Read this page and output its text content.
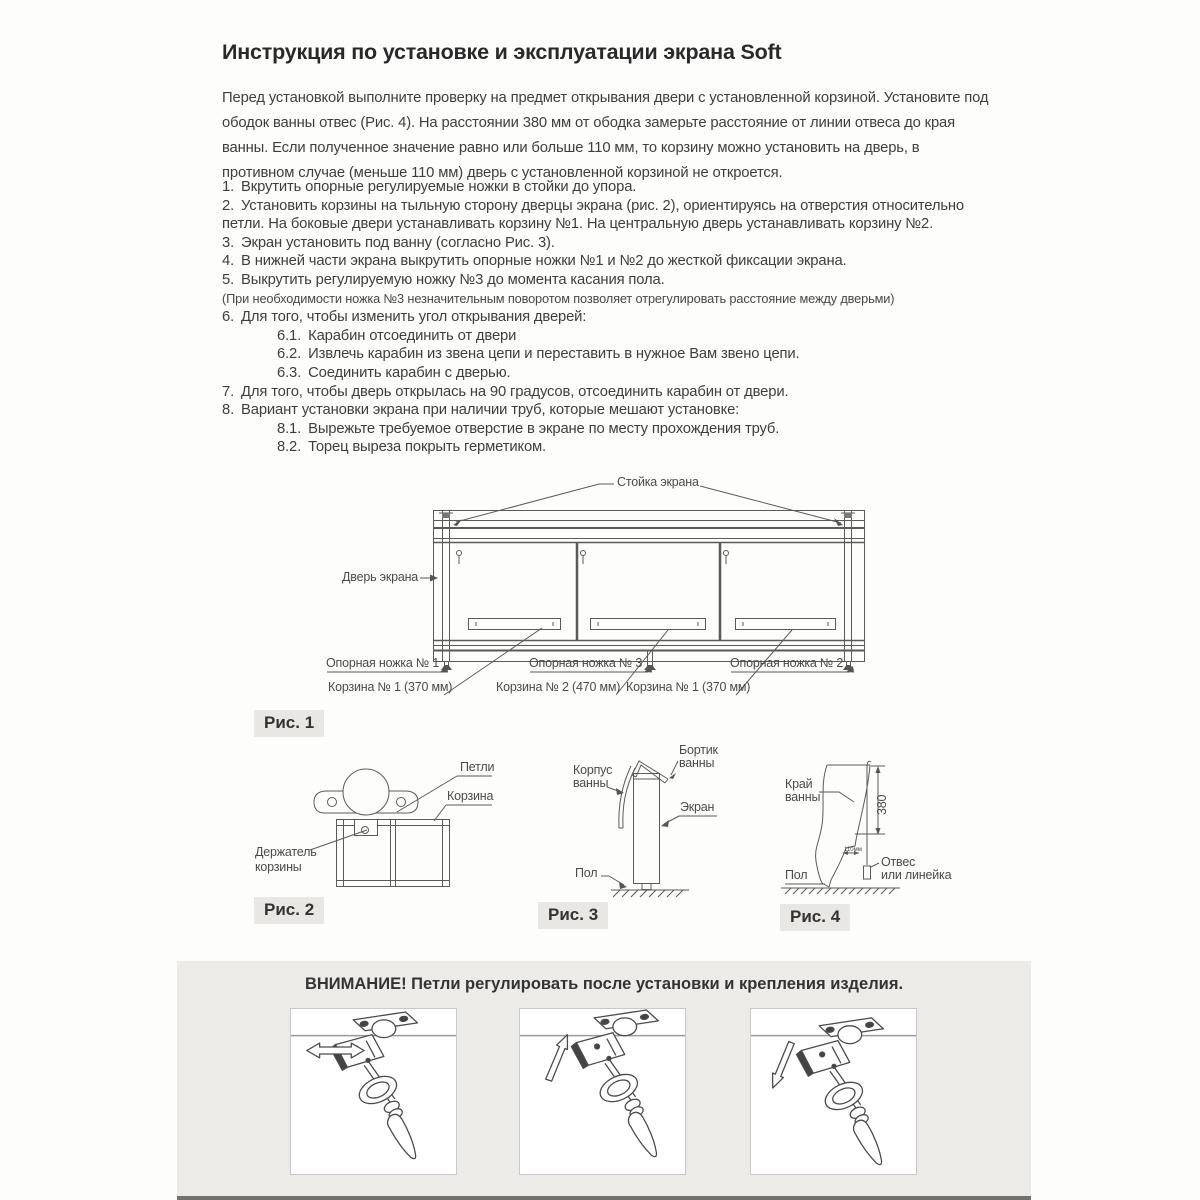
Инструкция по установке и эксплуатации экрана Soft

Перед установкой выполните проверку на предмет открывания двери с установленной корзиной. Установите под ободок ванны отвес (Рис. 4). На расстоянии 380 мм от ободка замерьте расстояние от линии отвеса до края ванны. Если полученное значение равно или больше 110 мм, то корзину можно установить на дверь, в противном случае (меньше 110 мм) дверь с установленной корзиной не откроется.

1. Вкрутить опорные регулируемые ножки в стойки до упора.

2. Установить корзины на тыльную сторону дверцы экрана (рис. 2), ориентируясь на отверстия относительно петли. На боковые двери устанавливать корзину №1. На центральную дверь устанавливать корзину №2.

3. Экран установить под ванну (согласно Рис. 3).

4. В нижней части экрана выкрутить опорные ножки №1 и №2 до жесткой фиксации экрана.

5. Выкрутить регулируемую ножку №3 до момента касания пола.

(При необходимости ножка №3 незначительным поворотом позволяет отрегулировать расстояние между дверьми)

6. Для того, чтобы изменить угол открывания дверей:

6.1. Карабин отсоединить от двери

6.2. Извлечь карабин из звена цепи и переставить в нужное Вам звено цепи.

6.3. Соединить карабин с дверью.

7. Для того, чтобы дверь открылась на 90 градусов, отсоединить карабин от двери.

8. Вариант установки экрана при наличии труб, которые мешают установке:

8.1. Вырежьте требуемое отверстие в экране по месту прохождения труб.

8.2. Торец выреза покрыть герметиком.

Стойка экрана
Дверь экрана
Опорная ножка № 1	Опорная ножка № 3	Опорная ножка № 2
Корзина № 1 (370 мм)	Корзина № 2 (470 мм) Корзина № 1 (370 мм)
Рис. 1
Петли
Корзина
Держатель
корзины
Рис. 2
Бортик
ванны
Корпус
ванны
Экран
Пол
Рис. 3
Край
ванны	380
110мм
Отвес
или линейка
Пол
Рис. 4
ВНИМАНИЕ! Петли регулировать после установки и крепления изделия.
